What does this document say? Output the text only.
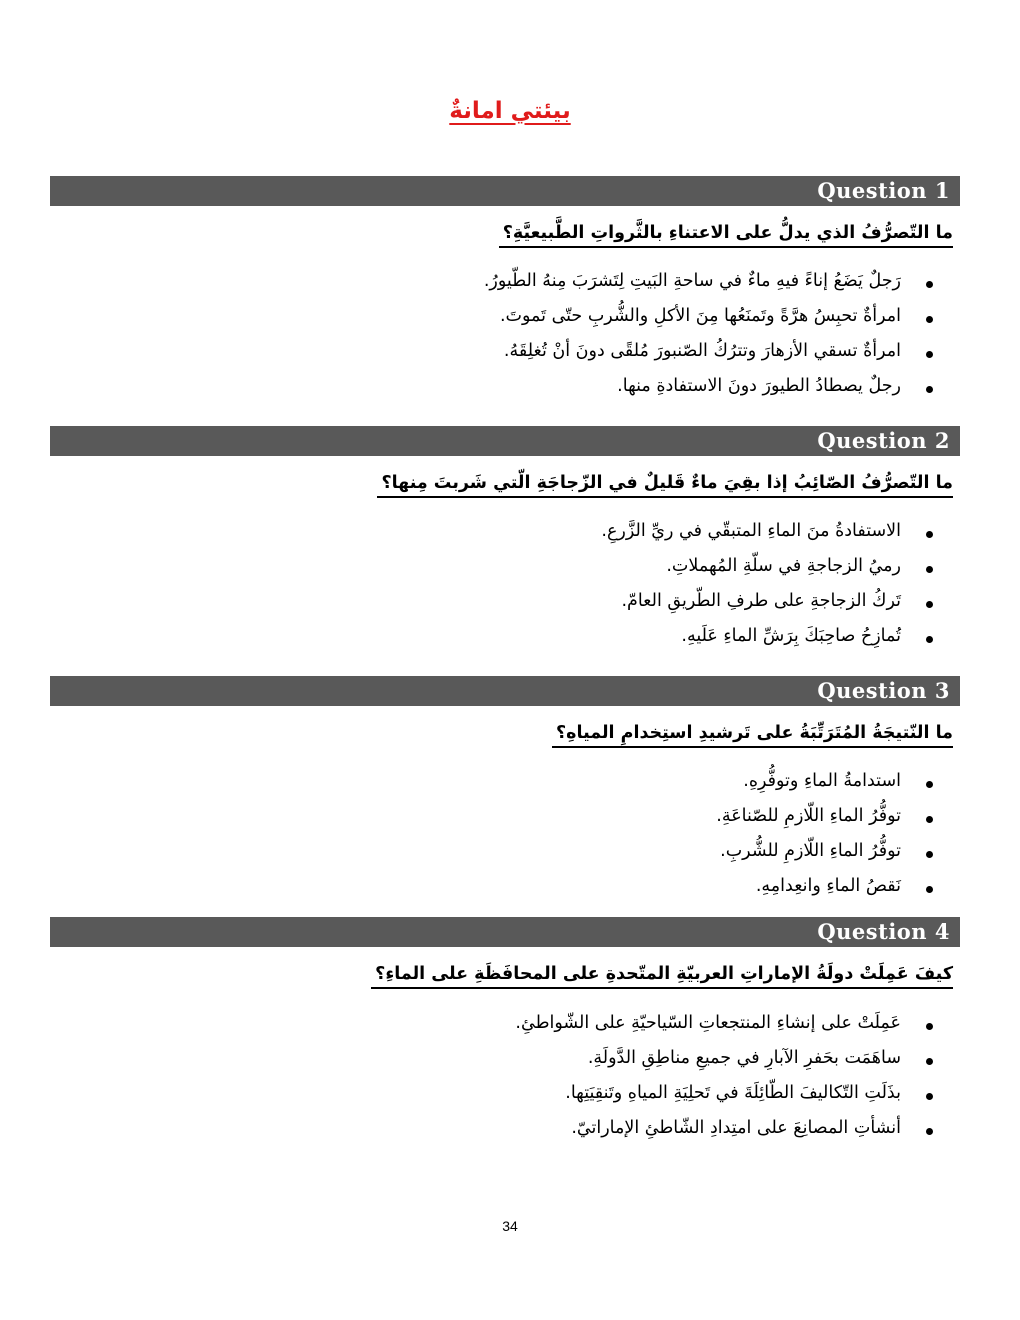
بيئتي امانةٌ
Question 1
ما التّصرُّفُ الذي يدلُّ على الاعتناءِ بالثَّرواتِ الطَّبيعيَّةِ؟
رَجلٌ يَضَعُ إناءً فيهِ ماءٌ في ساحةِ البَيتِ لِتَشرَبَ مِنهُ الطّيورُ.
امرأةٌ تحبِسُ هرَّةً وتَمنَعُها مِنَ الأكلِ والشُّربِ حتّى تَموتَ.
امرأةٌ تسقي الأزهارَ وتترُكُ الصّنبورَ مُلقًى دونَ أنْ تُغلِقَهُ.
رجلٌ يصطادُ الطيورَ دونَ الاستفادةِ منها.
Question 2
ما التّصرُّفُ الصّائِبُ إذا بقِيَ ماءٌ قَليلٌ في الزّجاجَةِ الّتي شَربتَ مِنها؟
الاستفادةُ منَ الماءِ المتبقّي في ريِّ الزَّرعِ.
رميُ الزجاجةِ في سلّةِ المُهملاتِ.
تَركُ الزجاجةِ على طرفِ الطّريقِ العامّ.
تُمازِحُ صاحِبَكَ بِرَشِّ الماءِ عَلَيهِ.
Question 3
ما النّتيجَةُ المُتَرَتِّبَةُ على تَرشيدِ استِخدامِ المياهِ؟
استدامةُ الماءِ وتوفُّرِهِ.
توفُّرُ الماءِ اللّازمِ للصّناعَةِ.
توفُّرُ الماءِ اللّازمِ للشُّربِ.
نَقصُ الماءِ وانعِدامِهِ.
Question 4
كيفَ عَمِلَتْ دولَةُ الإماراتِ العربيّةِ المتّحدةِ على المحافَظَةِ على الماءِ؟
عَمِلَتْ على إنشاءِ المنتجعاتِ السّياحيّةِ على الشّواطئِ.
ساهَمَت بحَفرِ الآبارِ في جميعِ مناطِقِ الدَّولَةِ.
بذَلَتِ التّكاليفَ الطّائِلَةَ في تَحلِيَةِ المياهِ وتَنقِيَتِها.
أنشأتِ المصانِعَ على امتِدادِ الشّاطئِ الإماراتيّ.
34
